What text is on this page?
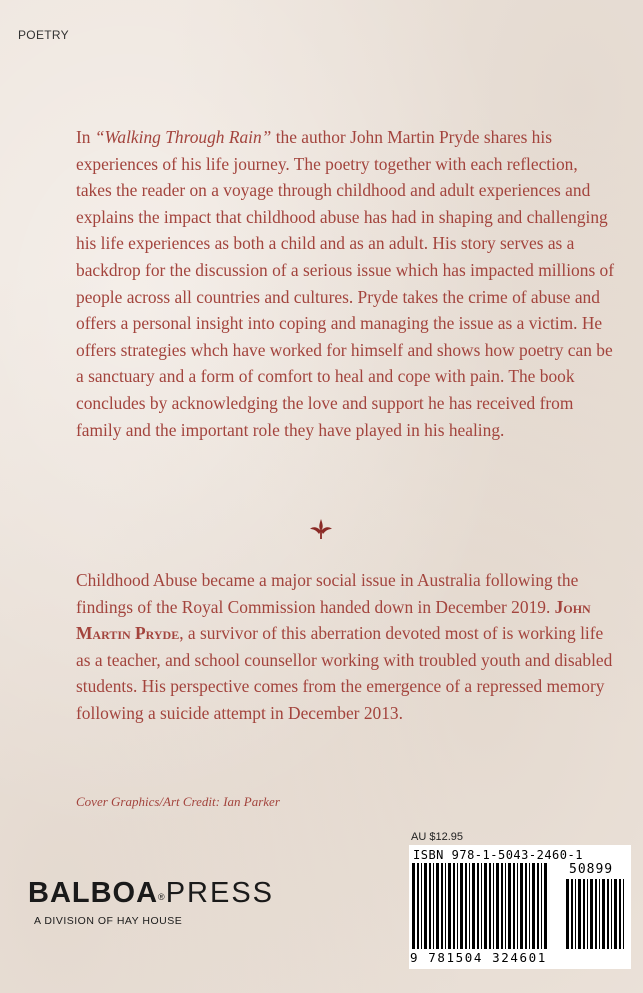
POETRY

In “Walking Through Rain” the author John Martin Pryde shares his experiences of his life journey. The poetry together with each reflection, takes the reader on a voyage through childhood and adult experiences and explains the impact that childhood abuse has had in shaping and challenging his life experiences as both a child and as an adult. His story serves as a backdrop for the discussion of a serious issue which has impacted millions of people across all countries and cultures. Pryde takes the crime of abuse and offers a personal insight into coping and managing the issue as a victim. He offers strategies whch have worked for himself and shows how poetry can be a sanctuary and a form of comfort to heal and cope with pain. The book concludes by acknowledging the love and support he has received from family and the important role they have played in his healing.

Childhood Abuse became a major social issue in Australia following the findings of the Royal Commission handed down in December 2019. John Martin Pryde, a survivor of this aberration devoted most of is working life as a teacher, and school counsellor working with troubled youth and disabled students. His perspective comes from the emergence of a repressed memory following a suicide attempt in December 2013.

Cover Graphics/Art Credit: Ian Parker
BALBOA®PRESS
A DIVISION OF HAY HOUSE
AU $12.95
ISBN 978-1-5043-2460-1
50899
9 781504 324601
